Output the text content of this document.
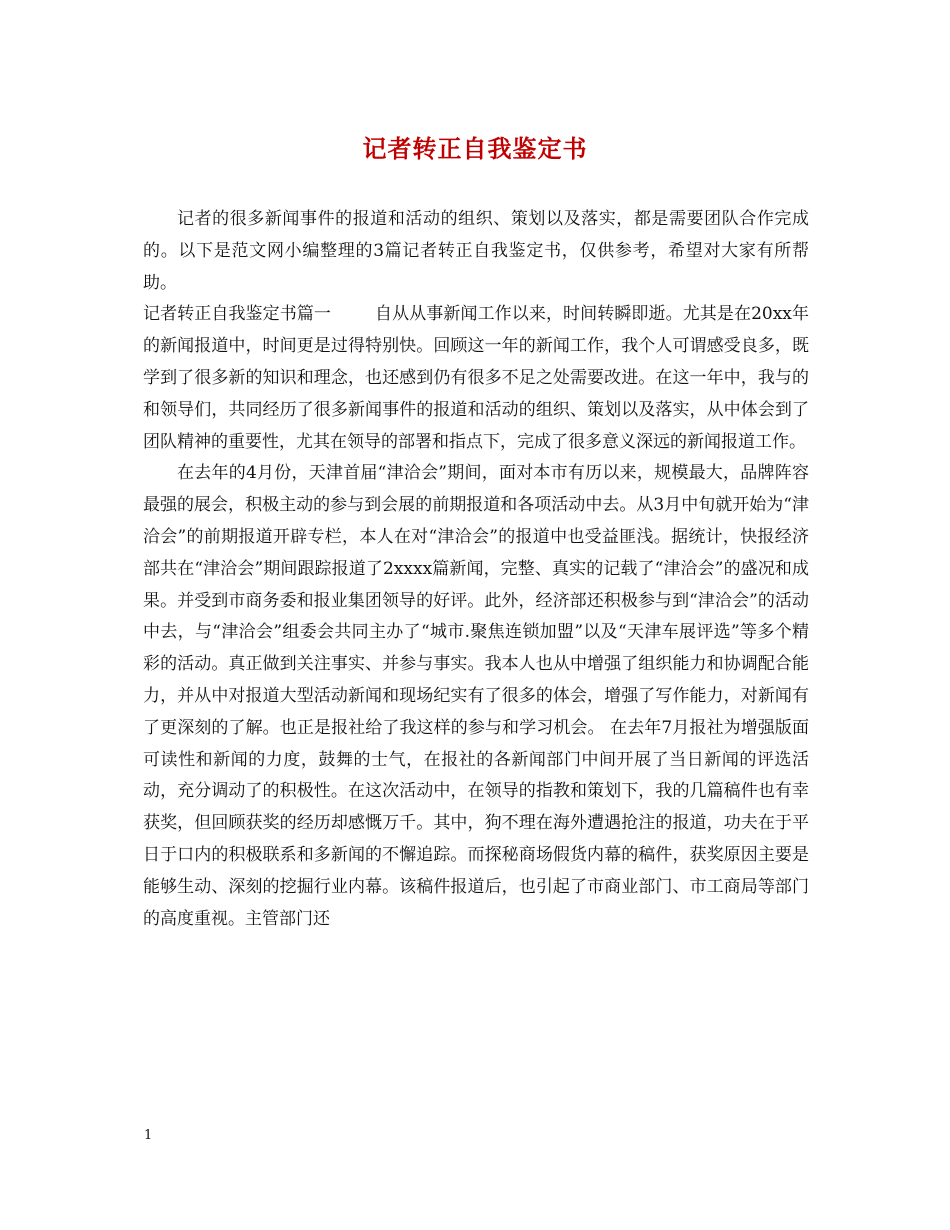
记者转正自我鉴定书

记者的很多新闻事件的报道和活动的组织、策划以及落实，都是需要团队合作完成的。以下是范文网小编整理的3篇记者转正自我鉴定书，仅供参考，希望对大家有所帮助。

记者转正自我鉴定书篇一	自从从事新闻工作以来，时间转瞬即逝。尤其是在20xx年的新闻报道中，时间更是过得特别快。回顾这一年的新闻工作，我个人可谓感受良多，既学到了很多新的知识和理念，也还感到仍有很多不足之处需要改进。在这一年中，我与的和领导们，共同经历了很多新闻事件的报道和活动的组织、策划以及落实，从中体会到了团队精神的重要性，尤其在领导的部署和指点下，完成了很多意义深远的新闻报道工作。

在去年的4月份，天津首届“津洽会”期间，面对本市有历以来，规模最大，品牌阵容最强的展会，积极主动的参与到会展的前期报道和各项活动中去。从3月中旬就开始为“津洽会”的前期报道开辟专栏，本人在对“津洽会”的报道中也受益匪浅。据统计，快报经济部共在“津洽会”期间跟踪报道了2xxxx篇新闻，完整、真实的记载了“津洽会”的盛况和成果。并受到市商务委和报业集团领导的好评。此外，经济部还积极参与到“津洽会”的活动中去，与“津洽会”组委会共同主办了“城市.聚焦连锁加盟”以及“天津车展评选”等多个精彩的活动。真正做到关注事实、并参与事实。我本人也从中增强了组织能力和协调配合能力，并从中对报道大型活动新闻和现场纪实有了很多的体会，增强了写作能力，对新闻有了更深刻的了解。也正是报社给了我这样的参与和学习机会。 在去年7月报社为增强版面可读性和新闻的力度，鼓舞的士气，在报社的各新闻部门中间开展了当日新闻的评选活动，充分调动了的积极性。在这次活动中，在领导的指教和策划下，我的几篇稿件也有幸获奖，但回顾获奖的经历却感慨万千。其中，狗不理在海外遭遇抢注的报道，功夫在于平日于口内的积极联系和多新闻的不懈追踪。而探秘商场假货内幕的稿件，获奖原因主要是能够生动、深刻的挖掘行业内幕。该稿件报道后，也引起了市商业部门、市工商局等部门的高度重视。主管部门还

1
